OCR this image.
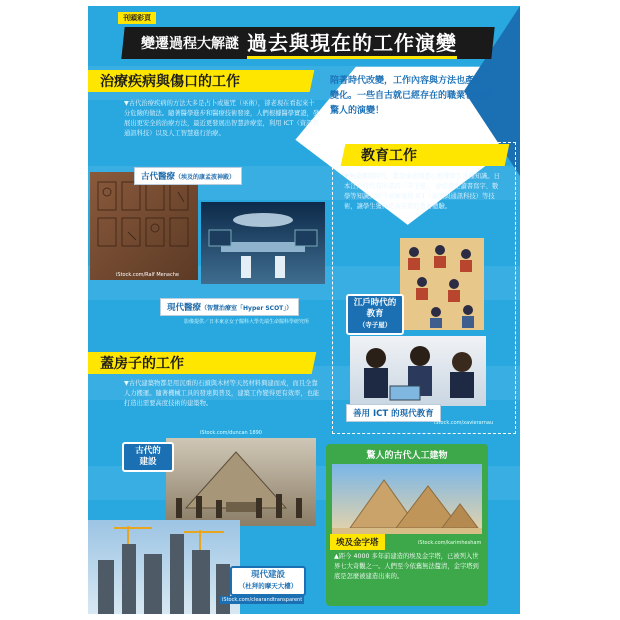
刊頭彩頁
變遷過程大解謎 過去與現在的工作演變
陪著時代改變，工作內容與方法也產生了變化。一些自古就已經存在的職業也有著驚人的演變！
治療疾病與傷口的工作
▼古代治療疾病的方法大多是占卜或施咒（巫術），卻老現在看起來十分危險的做法。隨著醫學進步和醫療技術發達，人們根據醫學實證，發展出更安全的治療方法，最近更發展出智慧診療室，利用 ICT（資訊與通訊科技）以及人工智慧進行治療。
iStock.com/Ralf Menache
古代醫療（埃及的康孟波神殿）
現代醫療（智慧治療室「Hyper SCOT」）
影像提供／日本東京女子醫科大學先端生命醫科學研究所
教育工作
▼無論哪個時代，都是由老師悉心教導學生各種知識。日本江戶時代有所謂的「寺子屋」，會授學生讀書寫字、數學等知識。如今老師運用 ICT（資訊與通訊科技）等技術，讓學生獲得更高品質的教育體驗。
江戶時代的教育
（寺子屋）
善用 ICT 的現代教育
iStock.com/xavierarnau
蓋房子的工作
▼古代建築物都是用沉重的石頭與木材等天然材料興建而成，而且全靠人力搬運。隨著機械工具的發達與普及，建築工作變得更有效率，也能打造出需要高度技術的建築物。
iStock.com/duncan 1890
古代的
建設
現代建設
（杜拜的摩天大樓）
iStock.com/clearandtransparent
驚人的古代人工建物
埃及金字塔	iStock.com/karimhesham
▲距今 4000 多年前建造的埃及金字塔，已被列入世界七大奇觀之一。人們至今依舊無法釐清，金字塔到底是怎麼被建造出來的。
